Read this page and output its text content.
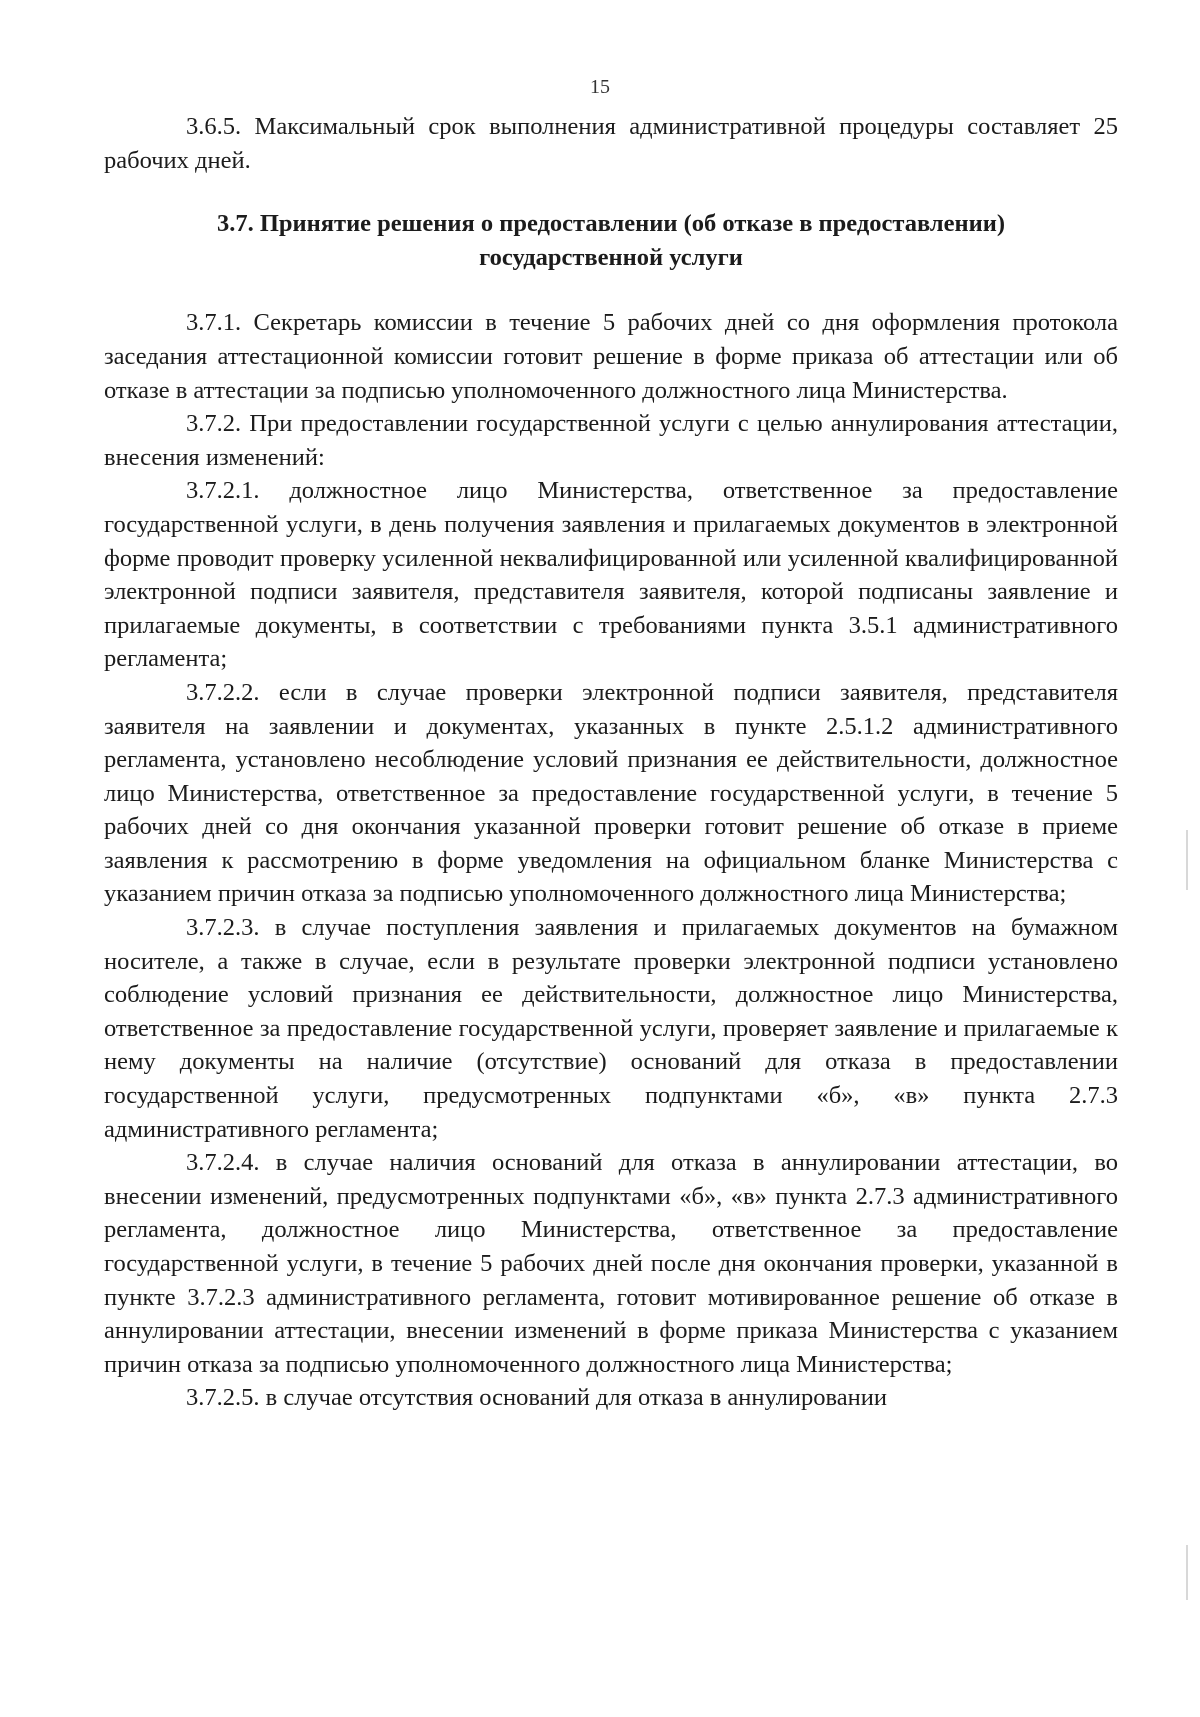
15

3.6.5. Максимальный срок выполнения административной процедуры составляет 25 рабочих дней.

3.7. Принятие решения о предоставлении (об отказе в предоставлении) государственной услуги

3.7.1. Секретарь комиссии в течение 5 рабочих дней со дня оформления протокола заседания аттестационной комиссии готовит решение в форме приказа об аттестации или об отказе в аттестации за подписью уполномоченного должностного лица Министерства.

3.7.2. При предоставлении государственной услуги с целью аннулирования аттестации, внесения изменений:

3.7.2.1. должностное лицо Министерства, ответственное за предоставление государственной услуги, в день получения заявления и прилагаемых документов в электронной форме проводит проверку усиленной неквалифицированной или усиленной квалифицированной электронной подписи заявителя, представителя заявителя, которой подписаны заявление и прилагаемые документы, в соответствии с требованиями пункта 3.5.1 административного регламента;

3.7.2.2. если в случае проверки электронной подписи заявителя, представителя заявителя на заявлении и документах, указанных в пункте 2.5.1.2 административного регламента, установлено несоблюдение условий признания ее действительности, должностное лицо Министерства, ответственное за предоставление государственной услуги, в течение 5 рабочих дней со дня окончания указанной проверки готовит решение об отказе в приеме заявления к рассмотрению в форме уведомления на официальном бланке Министерства с указанием причин отказа за подписью уполномоченного должностного лица Министерства;

3.7.2.3. в случае поступления заявления и прилагаемых документов на бумажном носителе, а также в случае, если в результате проверки электронной подписи установлено соблюдение условий признания ее действительности, должностное лицо Министерства, ответственное за предоставление государственной услуги, проверяет заявление и прилагаемые к нему документы на наличие (отсутствие) оснований для отказа в предоставлении государственной услуги, предусмотренных подпунктами «б», «в» пункта 2.7.3 административного регламента;

3.7.2.4. в случае наличия оснований для отказа в аннулировании аттестации, во внесении изменений, предусмотренных подпунктами «б», «в» пункта 2.7.3 административного регламента, должностное лицо Министерства, ответственное за предоставление государственной услуги, в течение 5 рабочих дней после дня окончания проверки, указанной в пункте 3.7.2.3 административного регламента, готовит мотивированное решение об отказе в аннулировании аттестации, внесении изменений в форме приказа Министерства с указанием причин отказа за подписью уполномоченного должностного лица Министерства;

3.7.2.5. в случае отсутствия оснований для отказа в аннулировании
